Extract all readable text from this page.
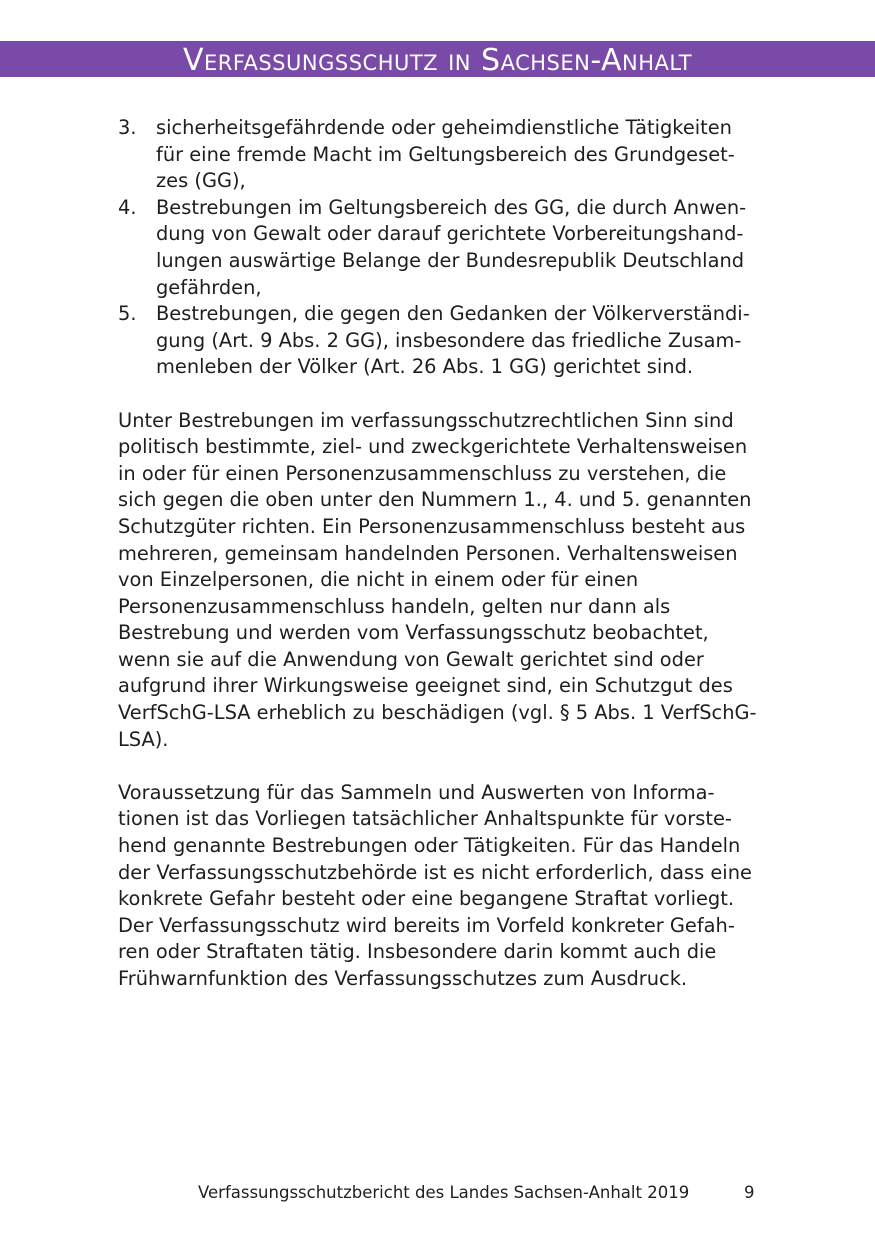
Verfassungsschutz in Sachsen-Anhalt
3. sicherheitsgefährdende oder geheimdienstliche Tätigkeiten für eine fremde Macht im Geltungsbereich des Grundgesetzes (GG),
4. Bestrebungen im Geltungsbereich des GG, die durch Anwendung von Gewalt oder darauf gerichtete Vorbereitungshandlungen auswärtige Belange der Bundesrepublik Deutschland gefährden,
5. Bestrebungen, die gegen den Gedanken der Völkerverständigung (Art. 9 Abs. 2 GG), insbesondere das friedliche Zusammenleben der Völker (Art. 26 Abs. 1 GG) gerichtet sind.

Unter Bestrebungen im verfassungsschutzrechtlichen Sinn sind politisch bestimmte, ziel- und zweckgerichtete Verhaltensweisen in oder für einen Personenzusammenschluss zu verstehen, die sich gegen die oben unter den Nummern 1., 4. und 5. genannten Schutzgüter richten. Ein Personenzusammenschluss besteht aus mehreren, gemeinsam handelnden Personen. Verhaltensweisen von Einzelpersonen, die nicht in einem oder für einen Personenzusammenschluss handeln, gelten nur dann als Bestrebung und werden vom Verfassungsschutz beobachtet, wenn sie auf die Anwendung von Gewalt gerichtet sind oder aufgrund ihrer Wirkungsweise geeignet sind, ein Schutzgut des VerfSchG-LSA erheblich zu beschädigen (vgl. § 5 Abs. 1 VerfSchG-LSA).

Voraussetzung für das Sammeln und Auswerten von Informationen ist das Vorliegen tatsächlicher Anhaltspunkte für vorstehend genannte Bestrebungen oder Tätigkeiten. Für das Handeln der Verfassungsschutzbehörde ist es nicht erforderlich, dass eine konkrete Gefahr besteht oder eine begangene Straftat vorliegt. Der Verfassungsschutz wird bereits im Vorfeld konkreter Gefahren oder Straftaten tätig. Insbesondere darin kommt auch die Frühwarnfunktion des Verfassungsschutzes zum Ausdruck.

Verfassungsschutzbericht des Landes Sachsen-Anhalt 2019	9
